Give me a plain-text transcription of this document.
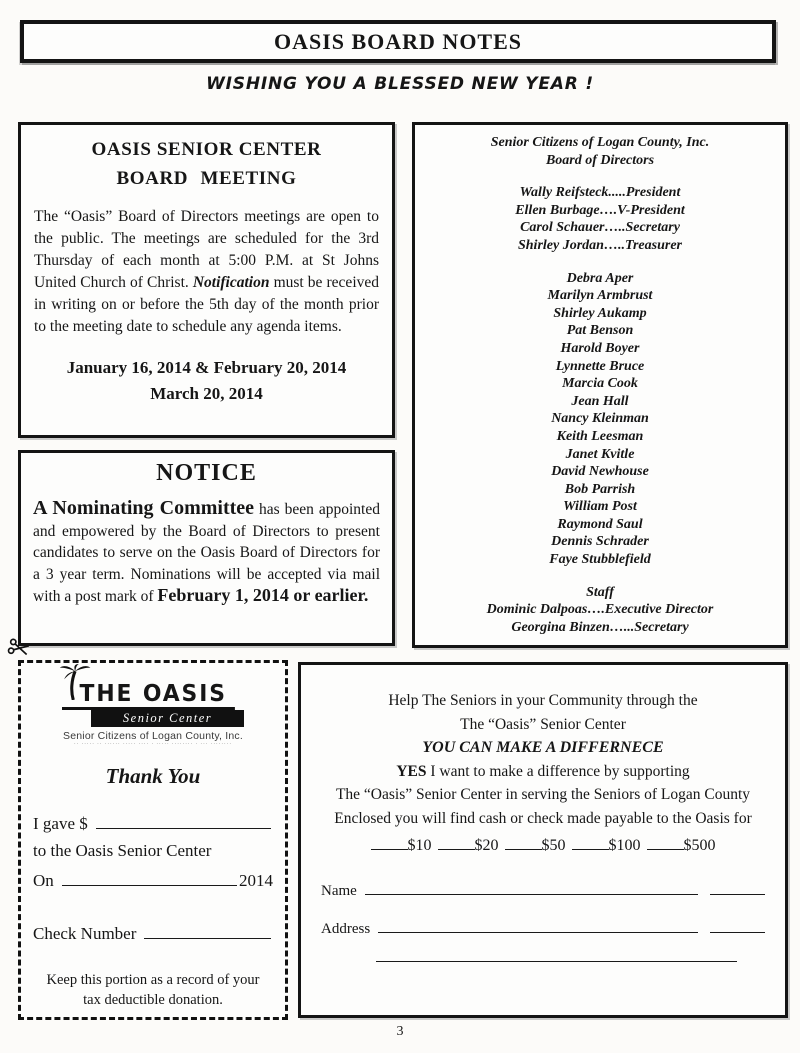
OASIS BOARD NOTES
WISHING YOU A BLESSED NEW YEAR !
OASIS SENIOR CENTER
BOARD MEETING
The “Oasis” Board of Directors meetings are open to the public. The meetings are scheduled for the 3rd Thursday of each month at 5:00 P.M. at St Johns United Church of Christ. Notification must be received in writing on or before the 5th day of the month prior to the meeting date to schedule any agenda items.
January 16, 2014 & February 20, 2014
March 20, 2014
NOTICE
A Nominating Committee has been appointed and empowered by the Board of Directors to present candidates to serve on the Oasis Board of Directors for a 3 year term. Nominations will be accepted via mail with a post mark of February 1, 2014 or earlier.
Senior Citizens of Logan County, Inc.
Board of Directors
Wally Reifsteck.....President
Ellen Burbage….V-President
Carol Schauer…..Secretary
Shirley Jordan…..Treasurer
Debra Aper
Marilyn Armbrust
Shirley Aukamp
Pat Benson
Harold Boyer
Lynnette Bruce
Marcia Cook
Jean Hall
Nancy Kleinman
Keith Leesman
Janet Kvitle
David Newhouse
Bob Parrish
William Post
Raymond Saul
Dennis Schrader
Faye Stubblefield
Staff
Dominic Dalpoas….Executive Director
Georgina Binzen…...Secretary
THE OASIS
Senior Center
Senior Citizens of Logan County, Inc.
·· ····· ·· ······ ····· ···· · ····· ········ · ··· ········
Thank You
I gave $
to the Oasis Senior Center
On	2014
Check Number
Keep this portion as a record of your
tax deductible donation.
Help The Seniors in your Community through the
The “Oasis” Senior Center
YOU CAN MAKE A DIFFERNECE
YES I want to make a difference by supporting
The “Oasis” Senior Center in serving the Seniors of Logan County
Enclosed you will find cash or check made payable to the Oasis for
$10	$20	$50	$100	$500
Name
Address
3
